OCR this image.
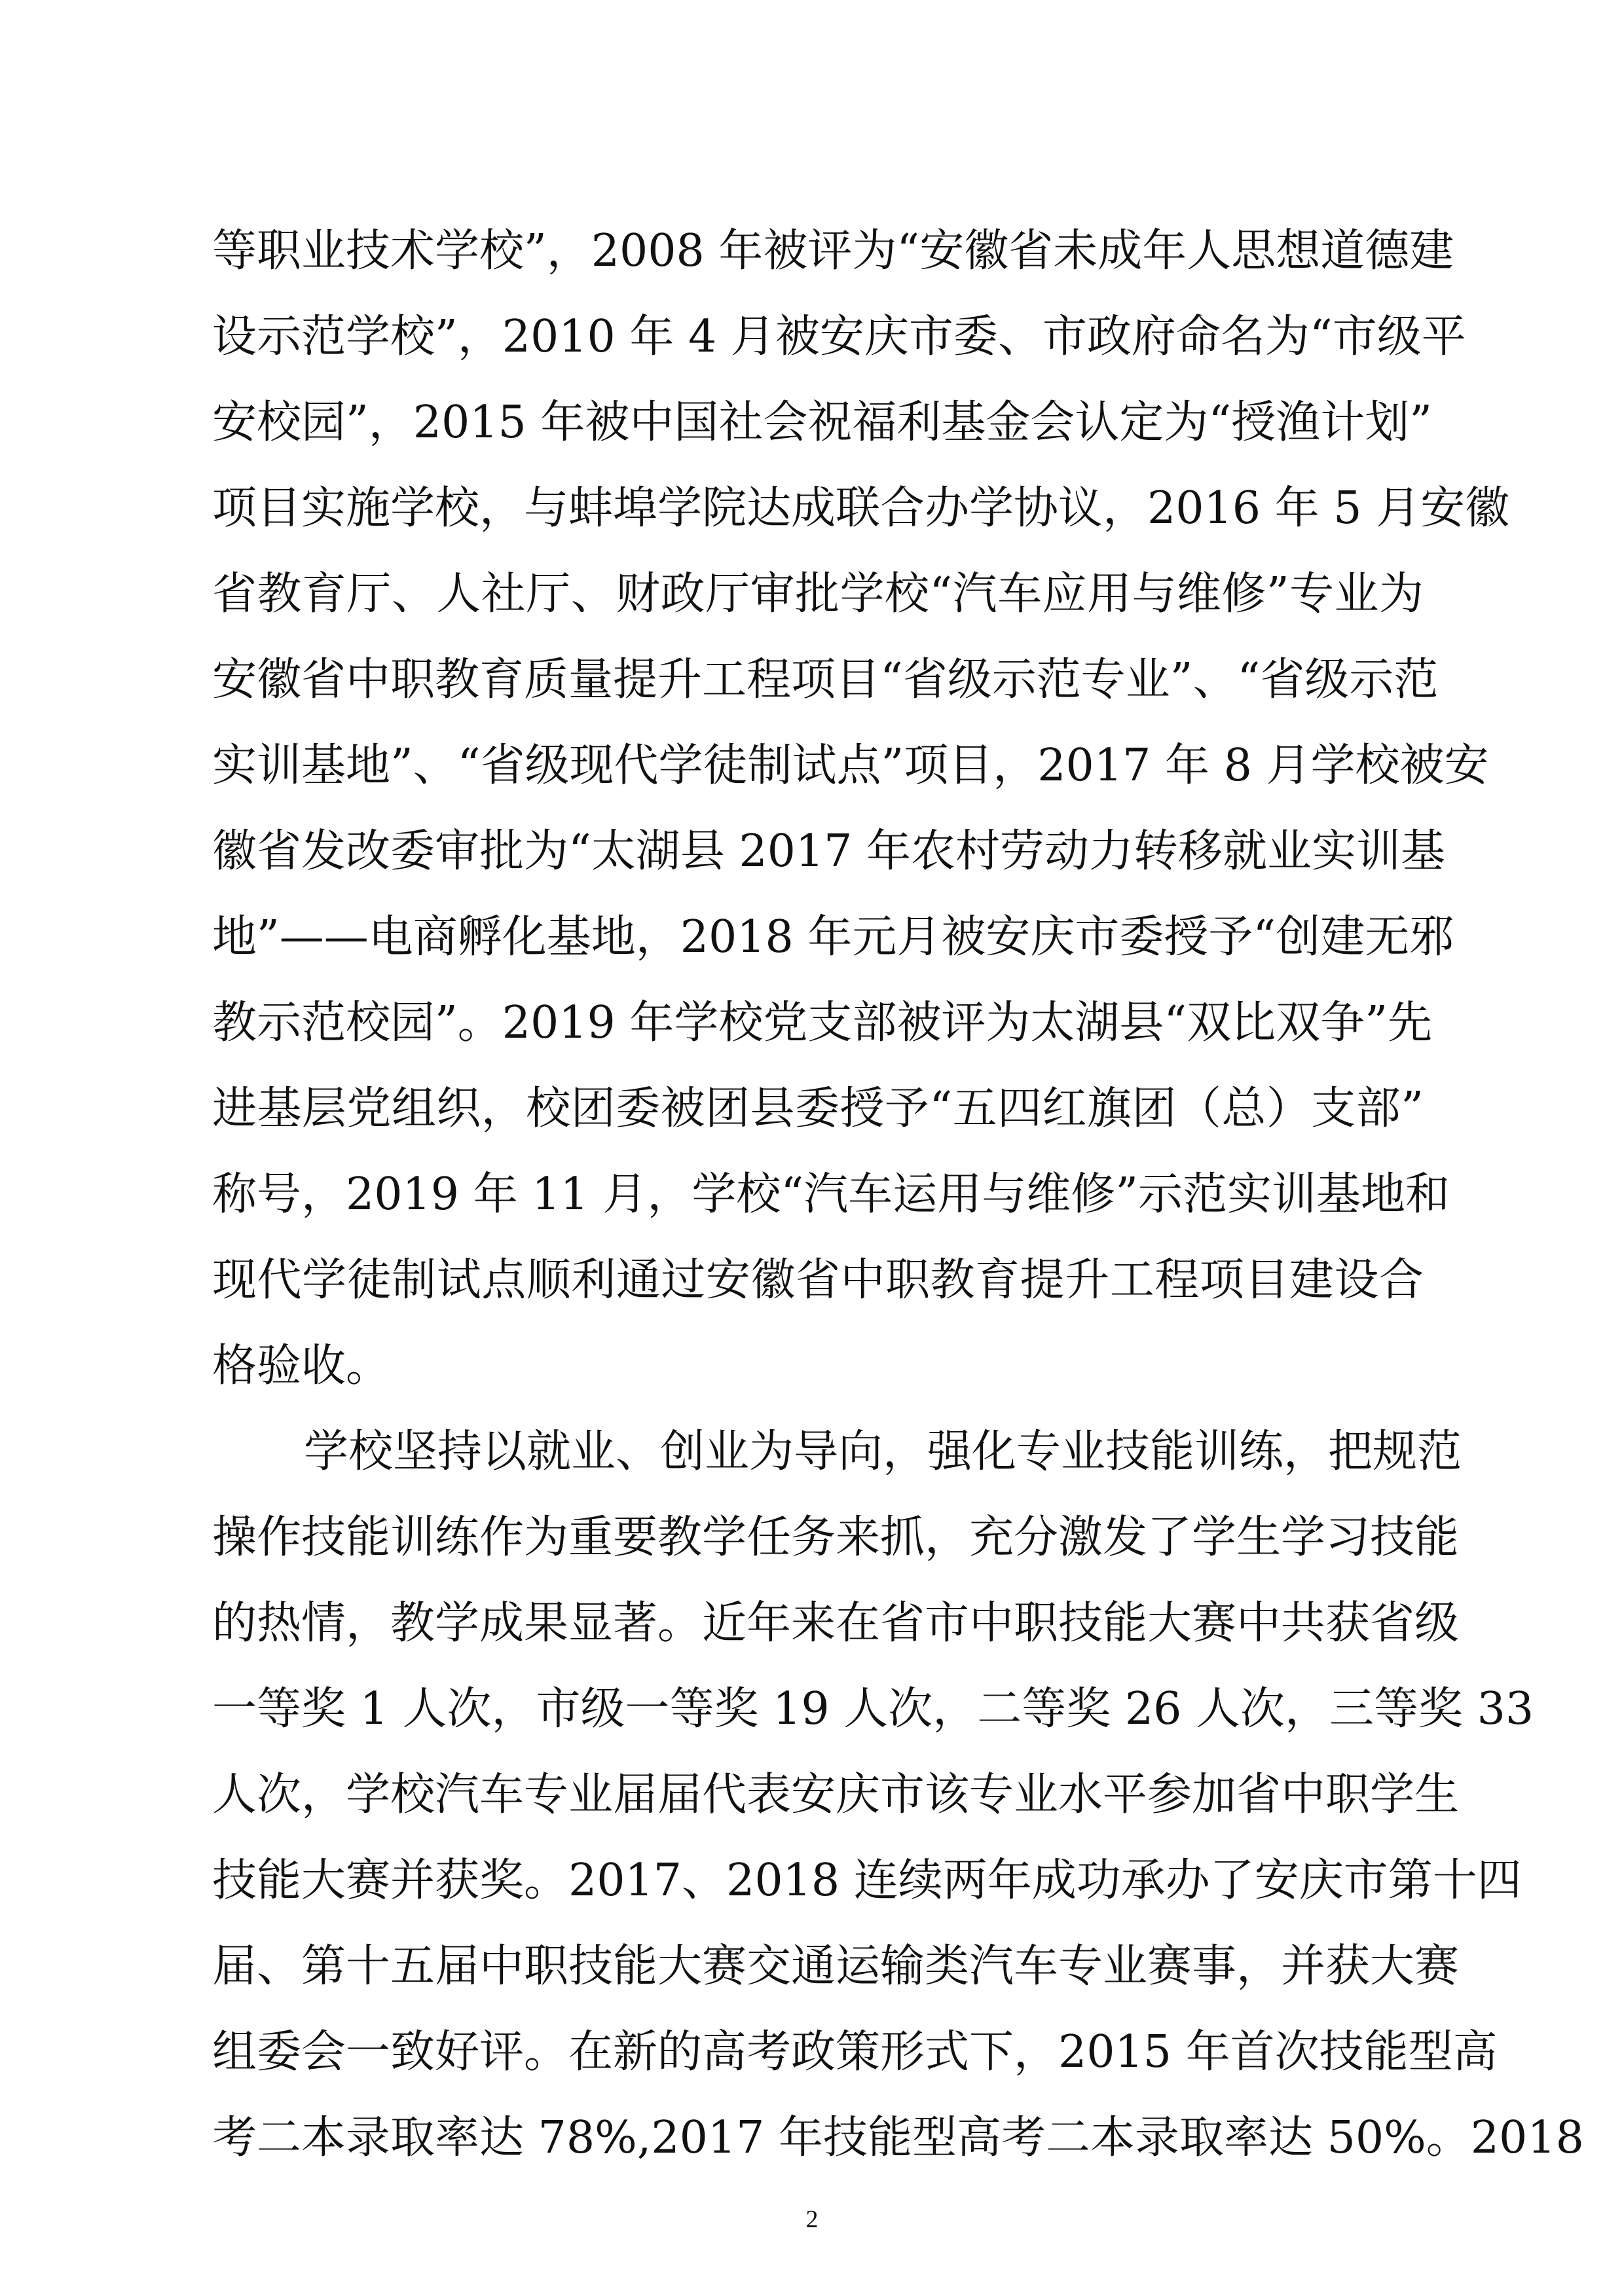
等职业技术学校”，2008 年被评为“安徽省未成年人思想道德建
设示范学校”，2010 年 4 月被安庆市委、市政府命名为“市级平
安校园”，2015 年被中国社会祝福利基金会认定为“授渔计划”
项目实施学校，与蚌埠学院达成联合办学协议，2016 年 5 月安徽
省教育厅、人社厅、财政厅审批学校“汽车应用与维修”专业为
安徽省中职教育质量提升工程项目“省级示范专业”、“省级示范
实训基地”、“省级现代学徒制试点”项目，2017 年 8 月学校被安
徽省发改委审批为“太湖县 2017 年农村劳动力转移就业实训基
地”——电商孵化基地，2018 年元月被安庆市委授予“创建无邪
教示范校园”。2019 年学校党支部被评为太湖县“双比双争”先
进基层党组织，校团委被团县委授予“五四红旗团（总）支部”
称号，2019 年 11 月，学校“汽车运用与维修”示范实训基地和
现代学徒制试点顺利通过安徽省中职教育提升工程项目建设合
格验收。
学校坚持以就业、创业为导向，强化专业技能训练，把规范
操作技能训练作为重要教学任务来抓，充分激发了学生学习技能
的热情，教学成果显著。近年来在省市中职技能大赛中共获省级
一等奖 1 人次，市级一等奖 19 人次，二等奖 26 人次，三等奖 33
人次，学校汽车专业届届代表安庆市该专业水平参加省中职学生
技能大赛并获奖。2017、2018 连续两年成功承办了安庆市第十四
届、第十五届中职技能大赛交通运输类汽车专业赛事，并获大赛
组委会一致好评。在新的高考政策形式下，2015 年首次技能型高
考二本录取率达 78%,2017 年技能型高考二本录取率达 50%。2018
2
